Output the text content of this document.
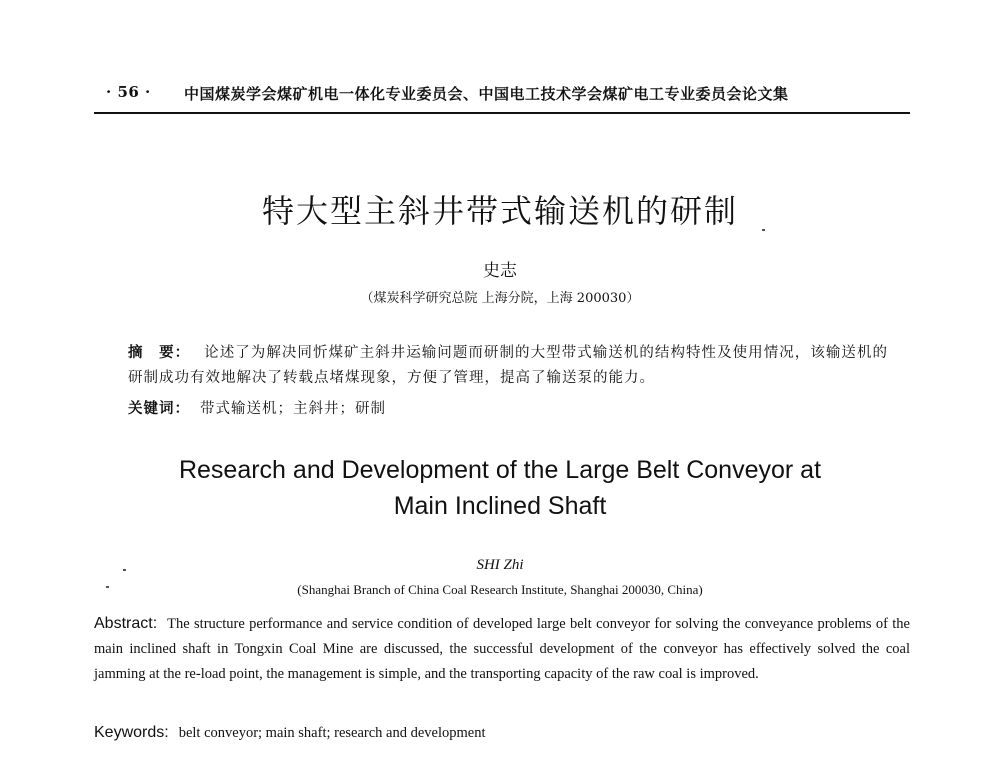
· 56 · 中国煤炭学会煤矿机电一体化专业委员会、中国电工技术学会煤矿电工专业委员会论文集
特大型主斜井带式输送机的研制
史志
（煤炭科学研究总院 上海分院，上海 200030）
摘　要： 论述了为解决同忻煤矿主斜井运输问题而研制的大型带式输送机的结构特性及使用情况，该输送机的研制成功有效地解决了转载点堵煤现象，方便了管理，提高了输送泵的能力。
关键词： 带式输送机；主斜井；研制
Research and Development of the Large Belt Conveyor at
Main Inclined Shaft
SHI Zhi
(Shanghai Branch of China Coal Research Institute, Shanghai 200030, China)
Abstract: The structure performance and service condition of developed large belt conveyor for solving the conveyance problems of the main inclined shaft in Tongxin Coal Mine are discussed, the successful development of the conveyor has effectively solved the coal jamming at the re-load point, the management is simple, and the transporting capacity of the raw coal is improved.
Keywords: belt conveyor; main shaft; research and development
